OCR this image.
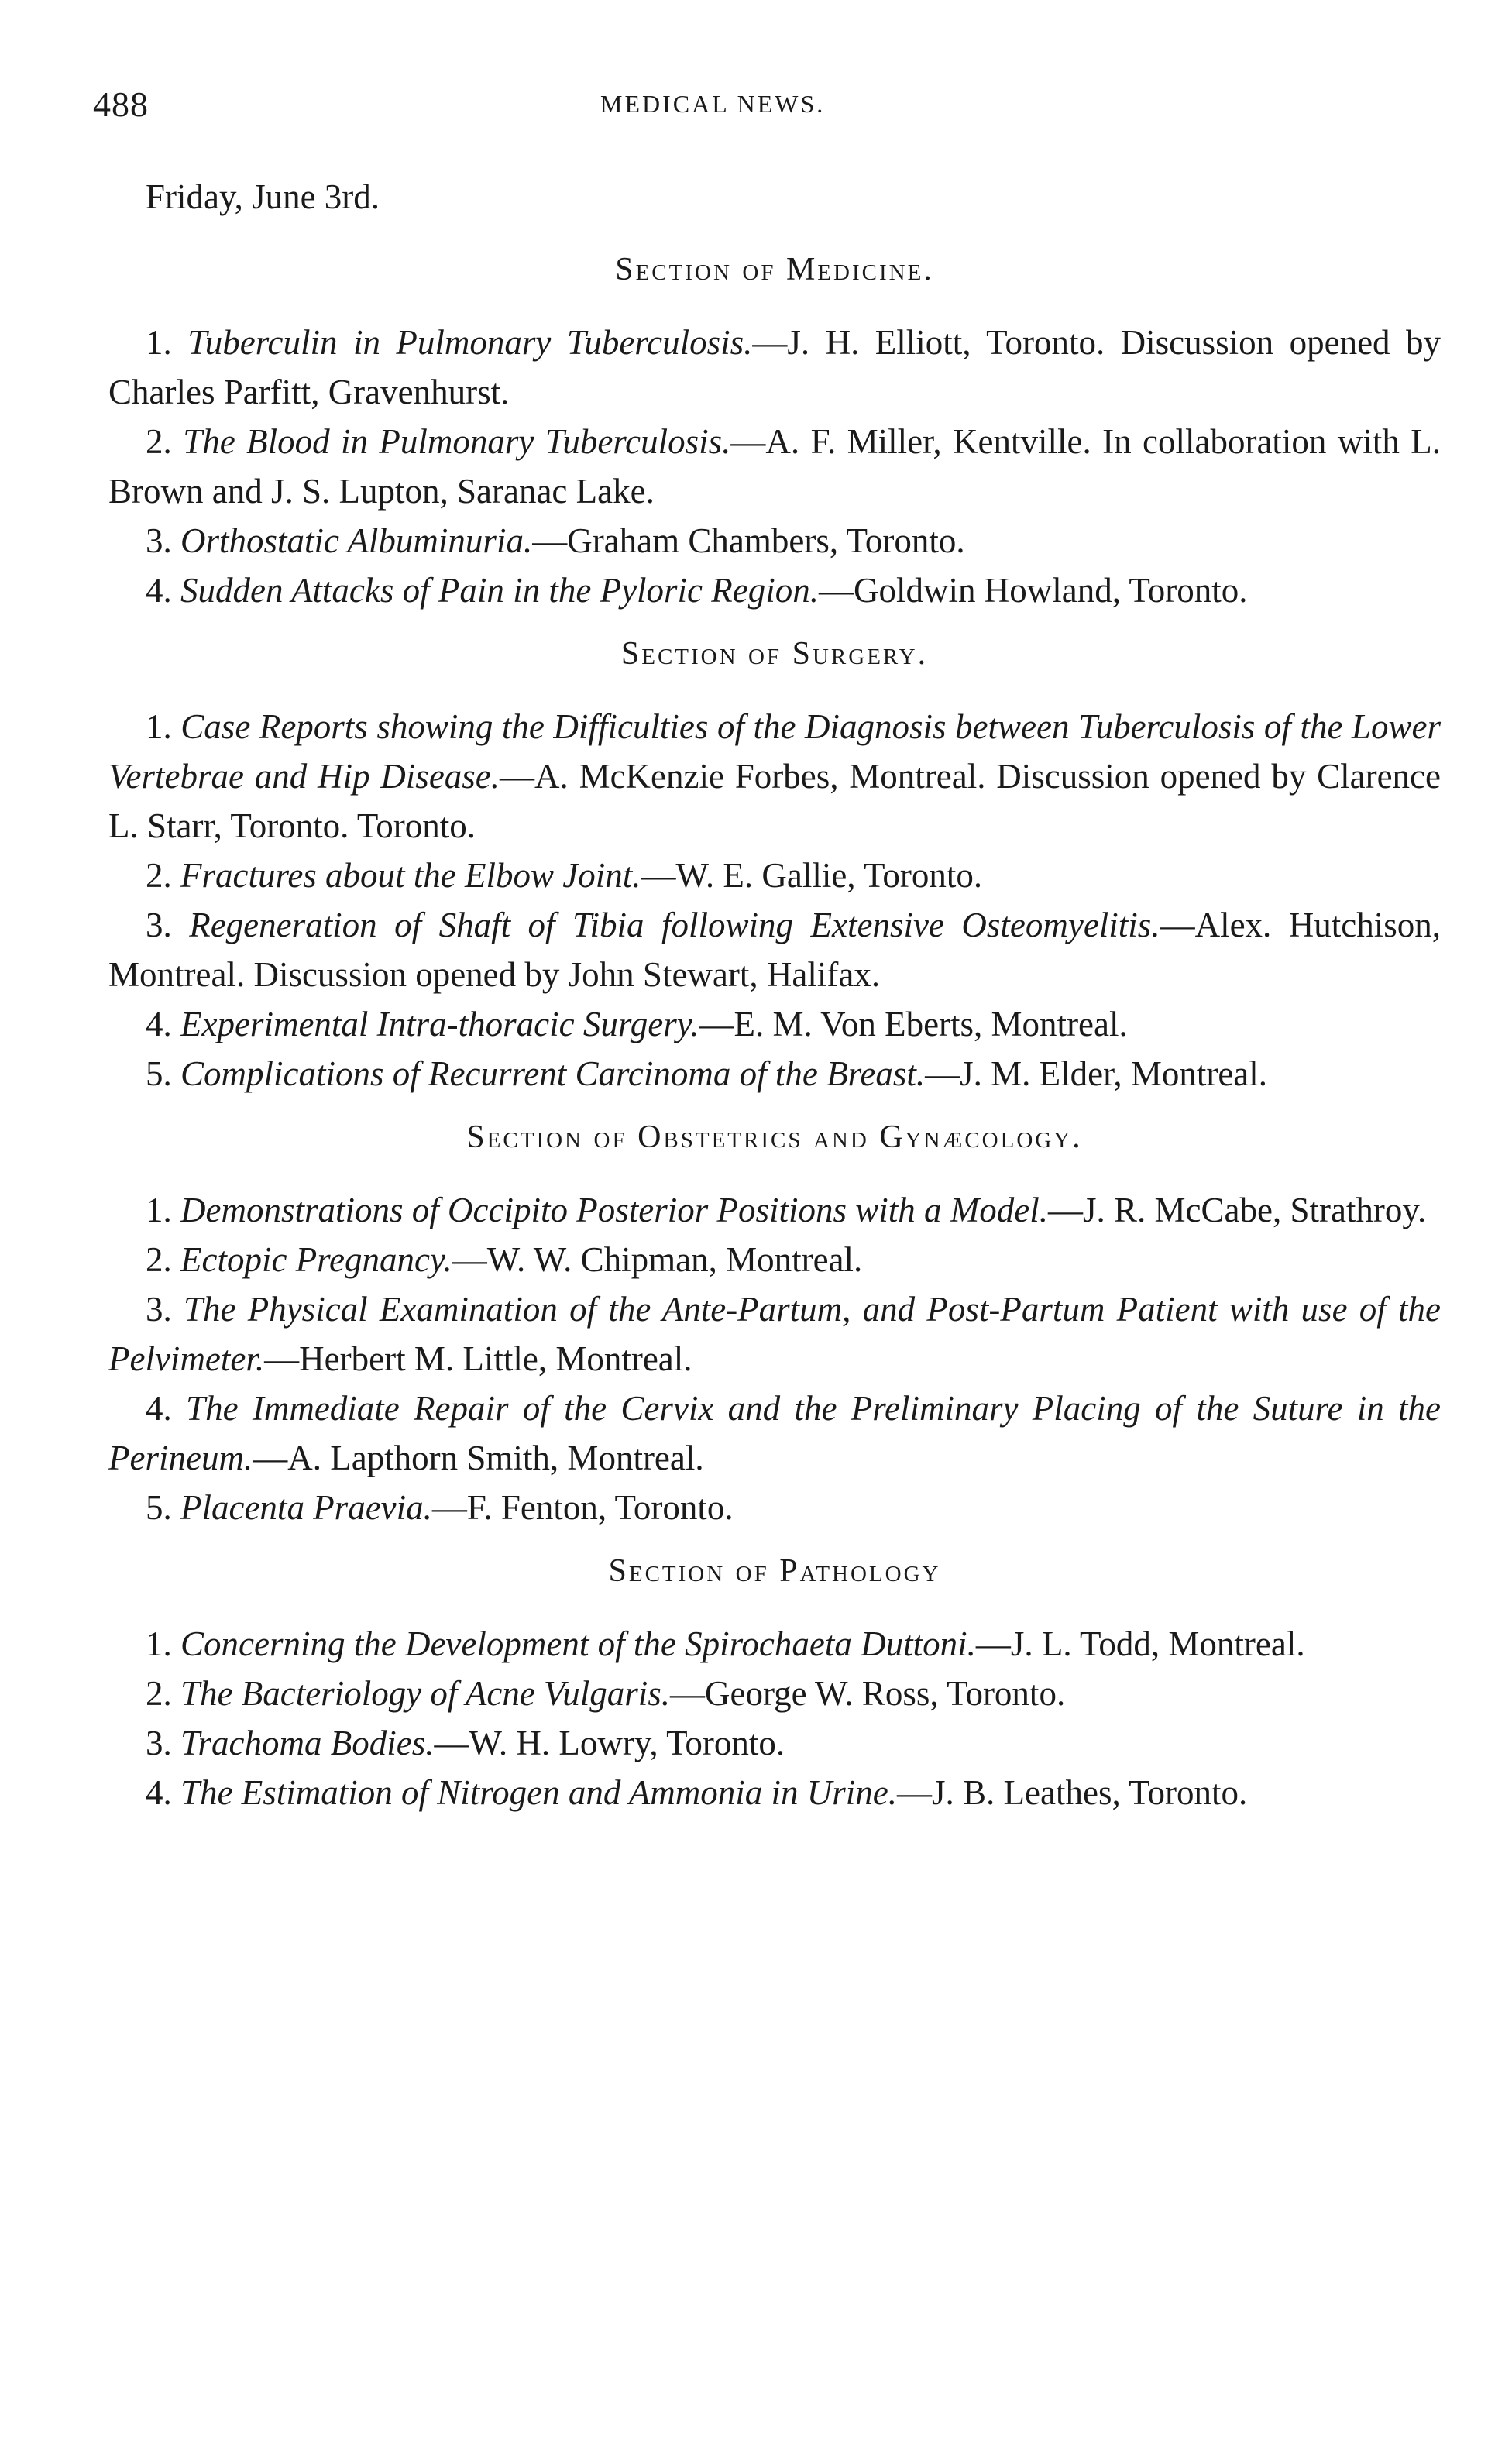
488	MEDICAL NEWS.

Friday, June 3rd.

Section of Medicine.

1. Tuberculin in Pulmonary Tuberculosis.—J. H. Elliott, Toronto. Discussion opened by Charles Parfitt, Gravenhurst.

2. The Blood in Pulmonary Tuberculosis.—A. F. Miller, Kentville. In collaboration with L. Brown and J. S. Lupton, Saranac Lake.

3. Orthostatic Albuminuria.—Graham Chambers, Toronto.

4. Sudden Attacks of Pain in the Pyloric Region.—Goldwin Howland, Toronto.

Section of Surgery.

1. Case Reports showing the Difficulties of the Diagnosis between Tuberculosis of the Lower Vertebrae and Hip Disease.—A. McKenzie Forbes, Montreal. Discussion opened by Clarence L. Starr, Toronto. Toronto.

2. Fractures about the Elbow Joint.—W. E. Gallie, Toronto.

3. Regeneration of Shaft of Tibia following Extensive Osteomyelitis.—Alex. Hutchison, Montreal. Discussion opened by John Stewart, Halifax.

4. Experimental Intra-thoracic Surgery.—E. M. Von Eberts, Montreal.

5. Complications of Recurrent Carcinoma of the Breast.—J. M. Elder, Montreal.

Section of Obstetrics and Gynæcology.

1. Demonstrations of Occipito Posterior Positions with a Model.—J. R. McCabe, Strathroy.

2. Ectopic Pregnancy.—W. W. Chipman, Montreal.

3. The Physical Examination of the Ante-Partum, and Post-Partum Patient with use of the Pelvimeter.—Herbert M. Little, Montreal.

4. The Immediate Repair of the Cervix and the Preliminary Placing of the Suture in the Perineum.—A. Lapthorn Smith, Montreal.

5. Placenta Praevia.—F. Fenton, Toronto.

Section of Pathology

1. Concerning the Development of the Spirochaeta Duttoni.—J. L. Todd, Montreal.

2. The Bacteriology of Acne Vulgaris.—George W. Ross, Toronto.

3. Trachoma Bodies.—W. H. Lowry, Toronto.

4. The Estimation of Nitrogen and Ammonia in Urine.—J. B. Leathes, Toronto.
